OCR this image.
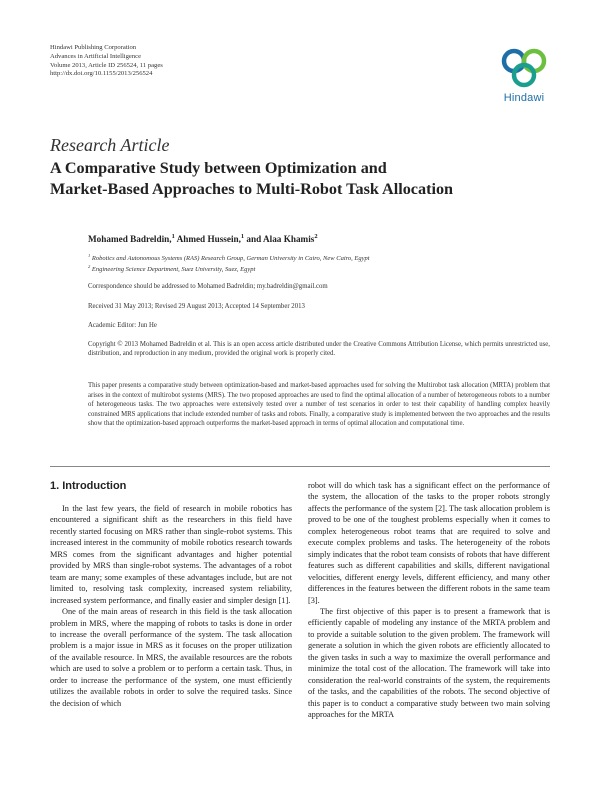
Hindawi Publishing Corporation
Advances in Artificial Intelligence
Volume 2013, Article ID 256524, 11 pages
http://dx.doi.org/10.1155/2013/256524
Hindawi
Research Article
A Comparative Study between Optimization and
Market-Based Approaches to Multi-Robot Task Allocation
Mohamed Badreldin,$^1$ Ahmed Hussein,$^1$ and Alaa Khamis$^2$
$^1$ Robotics and Autonomous Systems (RAS) Research Group, German University in Cairo, New Cairo, Egypt
$^2$ Engineering Science Department, Suez University, Suez, Egypt
Correspondence should be addressed to Mohamed Badreldin; my.badreldin@gmail.com
Received 31 May 2013; Revised 29 August 2013; Accepted 14 September 2013
Academic Editor: Jun He
Copyright © 2013 Mohamed Badreldin et al. This is an open access article distributed under the Creative Commons Attribution License, which permits unrestricted use, distribution, and reproduction in any medium, provided the original work is properly cited.
This paper presents a comparative study between optimization-based and market-based approaches used for solving the Multirobot task allocation (MRTA) problem that arises in the context of multirobot systems (MRS). The two proposed approaches are used to find the optimal allocation of a number of heterogeneous robots to a number of heterogeneous tasks. The two approaches were extensively tested over a number of test scenarios in order to test their capability of handling complex heavily constrained MRS applications that include extended number of tasks and robots. Finally, a comparative study is implemented between the two approaches and the results show that the optimization-based approach outperforms the market-based approach in terms of optimal allocation and computational time.
1. Introduction

In the last few years, the field of research in mobile robotics has encountered a significant shift as the researchers in this field have recently started focusing on MRS rather than single-robot systems. This increased interest in the community of mobile robotics research towards MRS comes from the significant advantages and higher potential provided by MRS than single-robot systems. The advantages of a robot team are many; some examples of these advantages include, but are not limited to, resolving task complexity, increased system reliability, increased system performance, and finally easier and simpler design [1].

One of the main areas of research in this field is the task allocation problem in MRS, where the mapping of robots to tasks is done in order to increase the overall performance of the system. The task allocation problem is a major issue in MRS as it focuses on the proper utilization of the available resource. In MRS, the available resources are the robots which are used to solve a problem or to perform a certain task. Thus, in order to increase the performance of the system, one must efficiently utilizes the available robots in order to solve the required tasks. Since the decision of which

robot will do which task has a significant effect on the performance of the system, the allocation of the tasks to the proper robots strongly affects the performance of the system [2]. The task allocation problem is proved to be one of the toughest problems especially when it comes to complex heterogeneous robot teams that are required to solve and execute complex problems and tasks. The heterogeneity of the robots simply indicates that the robot team consists of robots that have different features such as different capabilities and skills, different navigational velocities, different energy levels, different efficiency, and many other differences in the features between the different robots in the same team [3].

The first objective of this paper is to present a framework that is efficiently capable of modeling any instance of the MRTA problem and to provide a suitable solution to the given problem. The framework will generate a solution in which the given robots are efficiently allocated to the given tasks in such a way to maximize the overall performance and minimize the total cost of the allocation. The framework will take into consideration the real-world constraints of the system, the requirements of the tasks, and the capabilities of the robots. The second objective of this paper is to conduct a comparative study between two main solving approaches for the MRTA
